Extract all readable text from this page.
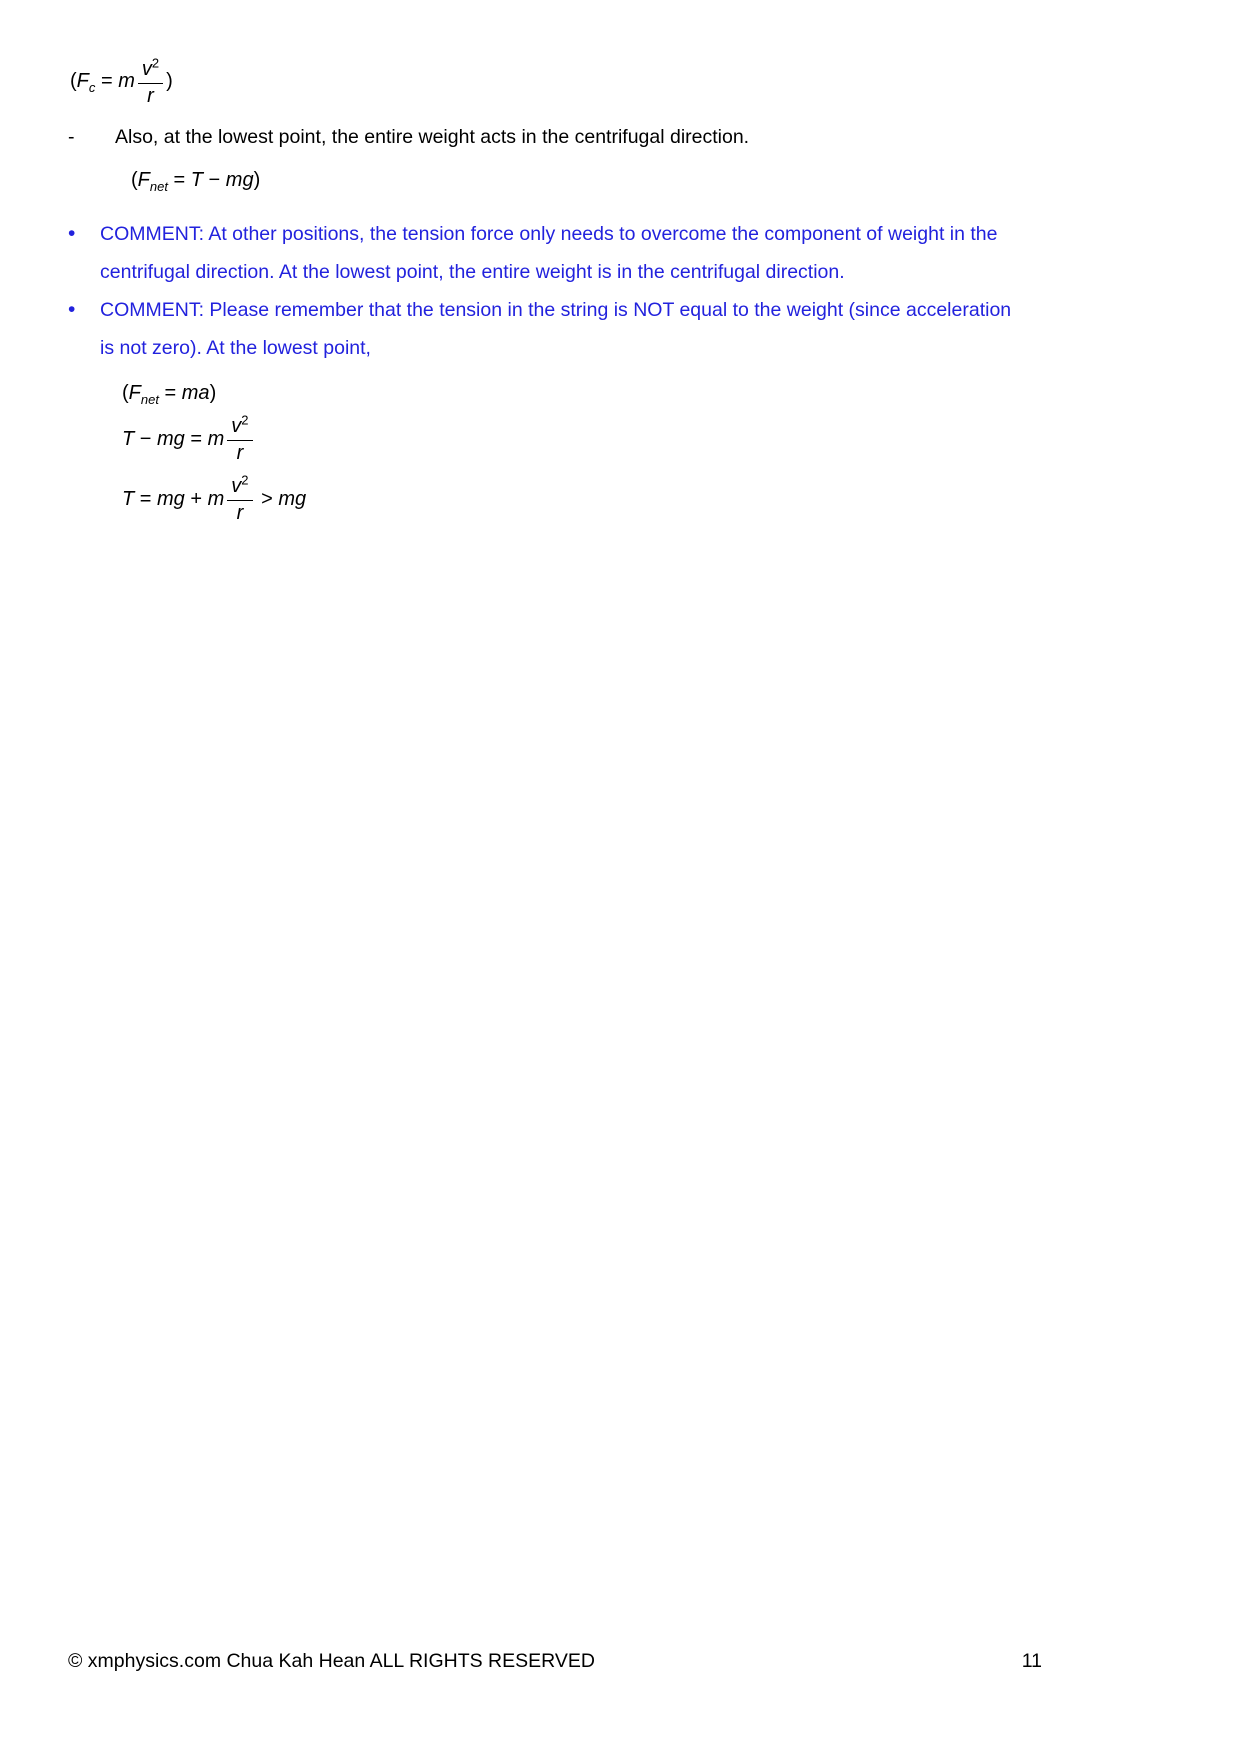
( $F_c = m \frac{v^2}{r}$ )
-	Also, at the lowest point, the entire weight acts in the centrifugal direction.
( $F_{net} = T$ − mg )
•	COMMENT: At other positions, the tension force only needs to overcome the component of weight in the
centrifugal direction. At the lowest point, the entire weight is in the centrifugal direction.
•	COMMENT: Please remember that the tension in the string is NOT equal to the weight (since acceleration
is not zero). At the lowest point,
( $F_{net}$ = ma )
T − mg = m $\frac{v^2}{r}$
T = mg + m $\frac{v^2}{r}$ > mg
© xmphysics.com Chua Kah Hean ALL RIGHTS RESERVED	11
